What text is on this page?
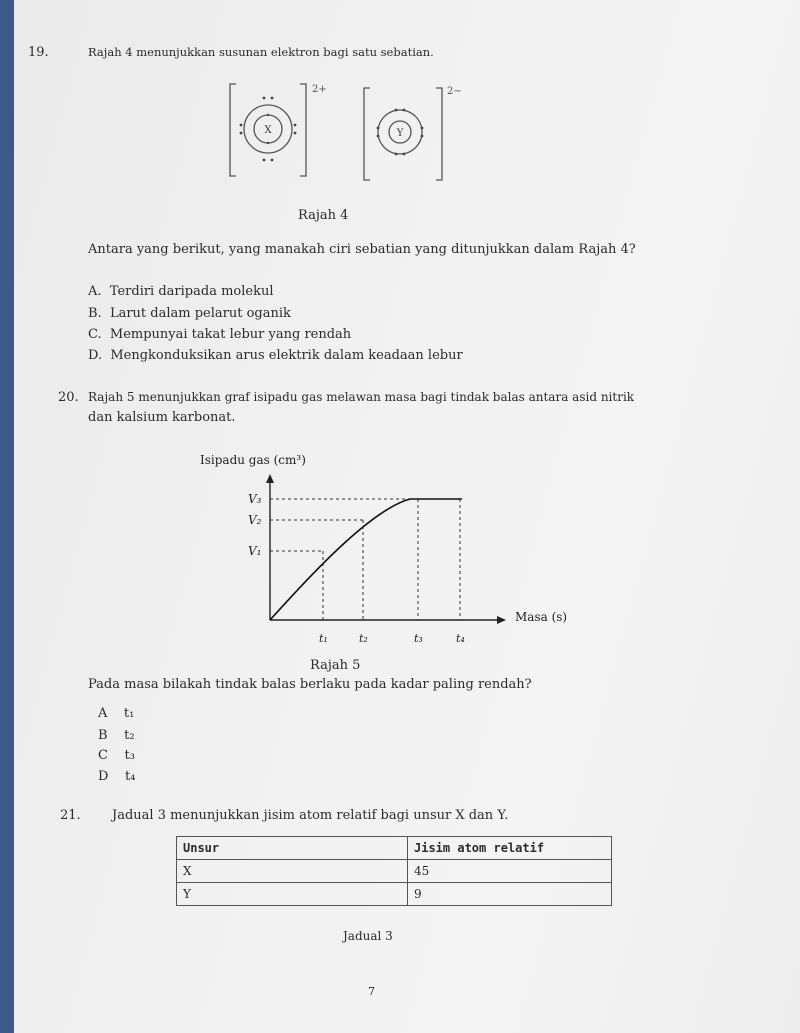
19.	Rajah 4 menunjukkan susunan elektron bagi satu sebatian.
X
2+
Y
2−
Rajah 4
Antara yang berikut, yang manakah ciri sebatian yang ditunjukkan dalam Rajah 4?
A. Terdiri daripada molekul
B. Larut dalam pelarut oganik
C. Mempunyai takat lebur yang rendah
D. Mengkonduksikan arus elektrik dalam keadaan lebur
20. Rajah 5 menunjukkan graf isipadu gas melawan masa bagi tindak balas antara asid nitrik
dan kalsium karbonat.
Isipadu gas (cm³)
Masa (s)
V₁
V₂
V₃
t₁	t₂	t₃	t₄
Rajah 5
Pada masa bilakah tindak balas berlaku pada kadar paling rendah?
A t₁
B t₂
C t₃
D t₄
21. Jadual 3 menunjukkan jisim atom relatif bagi unsur X dan Y.
Unsur	Jisim atom relatif
X	45
Y	9
Jadual 3
7
